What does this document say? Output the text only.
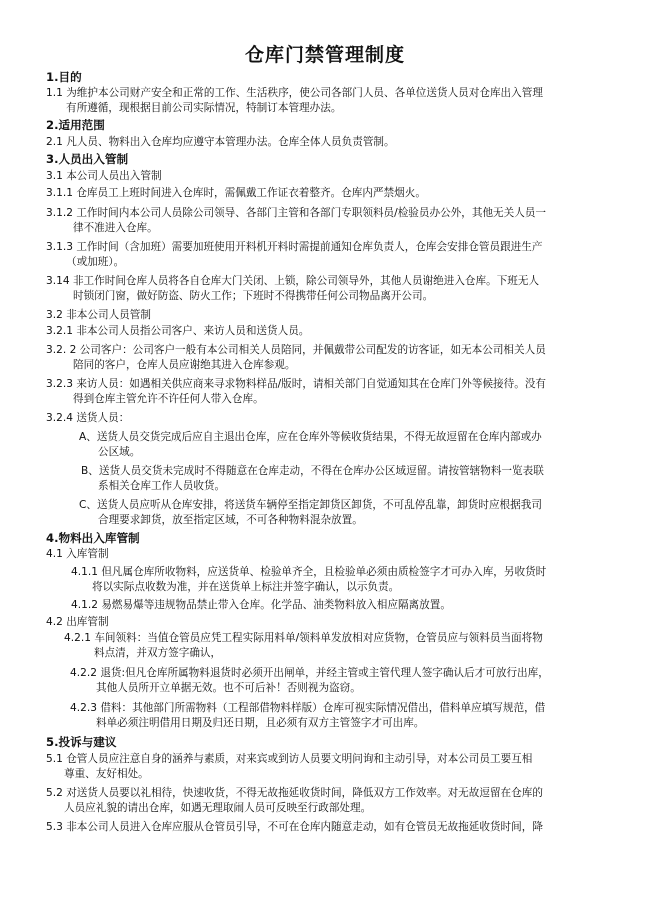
仓库门禁管理制度
1.目的
1.1 为维护本公司财产安全和正常的工作、生活秩序，使公司各部门人员、各单位送货人员对仓库出入管理
有所遵循，现根据目前公司实际情况，特制订本管理办法。
2.适用范围
2.1 凡人员、物料出入仓库均应遵守本管理办法。仓库全体人员负责管制。
3.人员出入管制
3.1 本公司人员出入管制
3.1.1 仓库员工上班时间进入仓库时，需佩戴工作证衣着整齐。仓库内严禁烟火。
3.1.2 工作时间内本公司人员除公司领导、各部门主管和各部门专职领料员/检验员办公外，其他无关人员一
律不准进入仓库。
3.1.3 工作时间（含加班）需要加班使用开料机开料时需提前通知仓库负责人，仓库会安排仓管员跟进生产
（或加班）。
3.14 非工作时间仓库人员将各自仓库大门关闭、上锁，除公司领导外，其他人员谢绝进入仓库。下班无人
时锁闭门窗，做好防盗、防火工作；下班时不得携带任何公司物品离开公司。
3.2 非本公司人员管制
3.2.1 非本公司人员指公司客户、来访人员和送货人员。
3.2. 2 公司客户：公司客户一般有本公司相关人员陪同，并佩戴带公司配发的访客证，如无本公司相关人员
陪同的客户，仓库人员应谢绝其进入仓库参观。
3.2.3 来访人员：如遇相关供应商来寻求物料样品/版时，请相关部门自觉通知其在仓库门外等候接待。没有
得到仓库主管允许不许任何人带入仓库。
3.2.4 送货人员：
A、送货人员交货完成后应自主退出仓库，应在仓库外等候收货结果，不得无故逗留在仓库内部或办
公区域。
B、送货人员交货未完成时不得随意在仓库走动，不得在仓库办公区域逗留。请按管辖物料一览表联
系相关仓库工作人员收货。
C、送货人员应听从仓库安排，将送货车辆停至指定卸货区卸货，不可乱停乱靠，卸货时应根据我司
合理要求卸货，放至指定区域，不可各种物料混杂放置。
4.物料出入库管制
4.1 入库管制
4.1.1 但凡属仓库所收物料，应送货单、检验单齐全，且检验单必须由质检签字才可办入库，另收货时
将以实际点收数为准，并在送货单上标注并签字确认，以示负责。
4.1.2 易燃易爆等违规物品禁止带入仓库。化学品、油类物料放入相应隔离放置。
4.2 出库管制
4.2.1 车间领料：当值仓管员应凭工程实际用料单/领料单发放相对应货物，仓管员应与领料员当面将物
料点清，并双方签字确认，
4.2.2 退货:但凡仓库所属物料退货时必须开出闸单，并经主管或主管代理人签字确认后才可放行出库，
其他人员所开立单据无效。也不可后补！否则视为盗窃。
4.2.3 借料：其他部门所需物料（工程部借物料样版）仓库可视实际情况借出，借料单应填写规范，借
料单必须注明借用日期及归还日期，且必须有双方主管签字才可出库。
5.投诉与建议
5.1 仓管人员应注意自身的涵养与素质，对来宾或到访人员要文明问询和主动引导，对本公司员工要互相
尊重、友好相处。
5.2 对送货人员要以礼相待，快速收货，不得无故拖延收货时间，降低双方工作效率。对无故逗留在仓库的
人员应礼貌的请出仓库，如遇无理取闹人员可反映至行政部处理。
5.3 非本公司人员进入仓库应服从仓管员引导，不可在仓库内随意走动，如有仓管员无故拖延收货时间，降
